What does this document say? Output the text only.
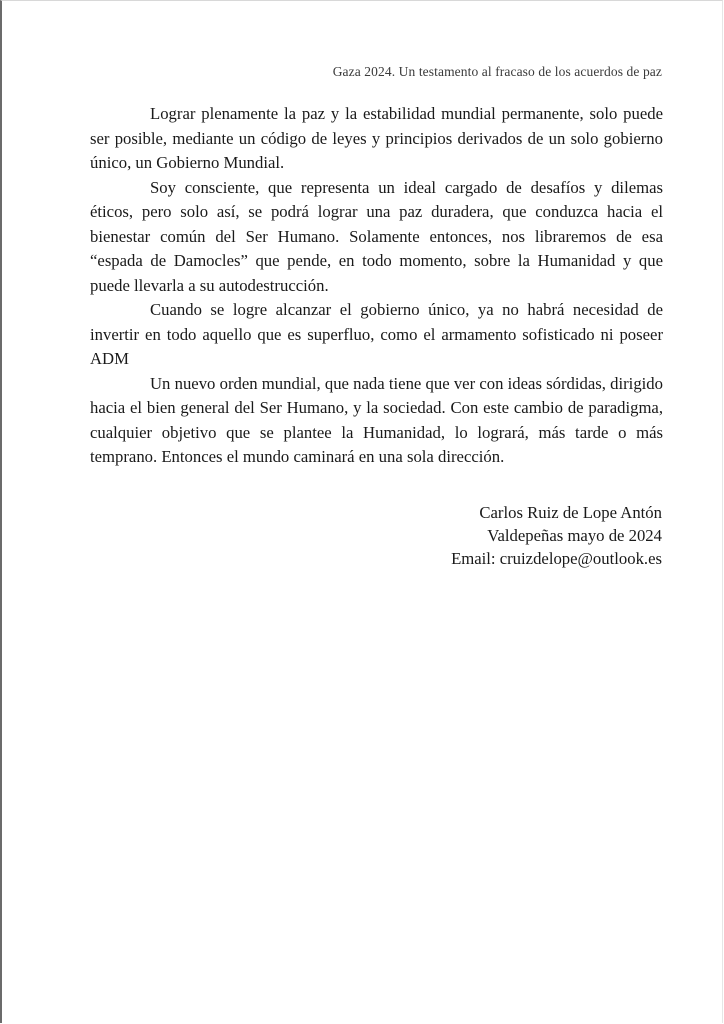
Gaza 2024. Un testamento al fracaso de los acuerdos de paz

Lograr plenamente la paz y la estabilidad mundial permanente, solo puede ser posible, mediante un código de leyes y principios derivados de un solo gobierno único, un Gobierno Mundial.

Soy consciente, que representa un ideal cargado de desafíos y dilemas éticos, pero solo así, se podrá lograr una paz duradera, que conduzca hacia el bienestar común del Ser Humano. Solamente entonces, nos libraremos de esa “espada de Damocles” que pende, en todo momento, sobre la Humanidad y que puede llevarla a su autodestrucción.

Cuando se logre alcanzar el gobierno único, ya no habrá necesidad de invertir en todo aquello que es superfluo, como el armamento sofisticado ni poseer ADM

Un nuevo orden mundial, que nada tiene que ver con ideas sórdidas, dirigido hacia el bien general del Ser Humano, y la sociedad. Con este cambio de paradigma, cualquier objetivo que se plantee la Humanidad, lo logrará, más tarde o más temprano. Entonces el mundo caminará en una sola dirección.

Carlos Ruiz de Lope Antón
Valdepeñas mayo de 2024
Email: cruizdelope@outlook.es
